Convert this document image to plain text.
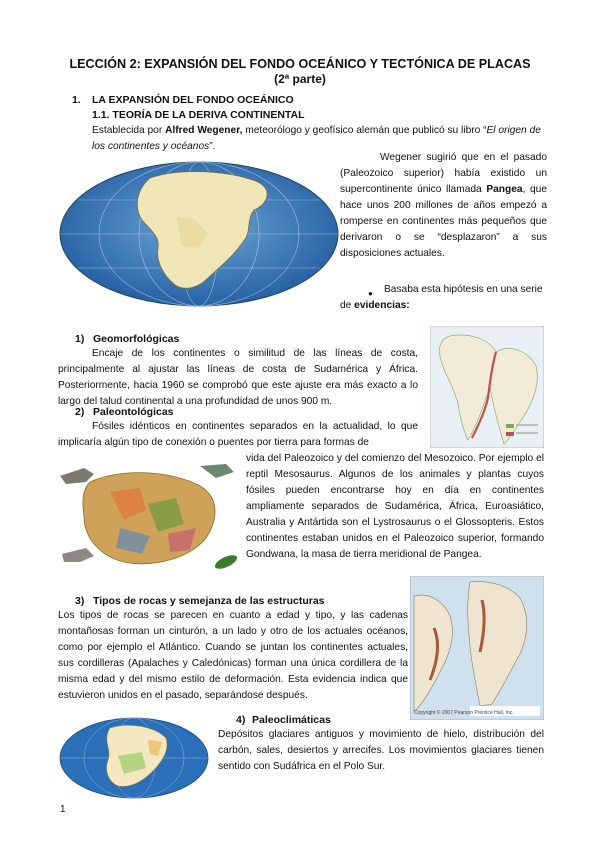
LECCIÓN 2: EXPANSIÓN DEL FONDO OCEÁNICO Y TECTÓNICA DE PLACAS
(2ª parte)
1. LA EXPANSIÓN DEL FONDO OCEÁNICO
1.1. TEORÍA DE LA DERIVA CONTINENTAL
Establecida por Alfred Wegener, meteorólogo y geofísico alemán que publicó su libro “El origen de los continentes y océanos”.
Wegener sugirió que en el pasado (Paleozoico superior) había existido un supercontinente único llamada Pangea, que hace unos 200 millones de años empezó a romperse en continentes más pequeños que derivaron o se “desplazaron” a sus disposiciones actuales.
●	Basaba esta hipótesis en una serie de evidencias:
1) Geomorfológicas
Encaje de los continentes o similitud de las líneas de costa, principalmente al ajustar las líneas de costa de Sudamérica y África. Posteriormente, hacia 1960 se comprobó que este ajuste era más exacto a lo largo del talud continental a una profundidad de unos 900 m.
2) Paleontológicas
Fósiles idénticos en continentes separados en la actualidad, lo que implicaría algún tipo de conexión o puentes por tierra para formas de
vida del Paleozoico y del comienzo del Mesozoico. Por ejemplo el reptil Mesosaurus. Algunos de los animales y plantas cuyos fósiles pueden encontrarse hoy en día en continentes ampliamente separados de Sudamérica, África, Euroasiático, Australia y Antártida son el Lystrosaurus o el Glossopteris. Estos continentes estaban unidos en el Paleozoico superior, formando Gondwana, la masa de tierra meridional de Pangea.
3) Tipos de rocas y semejanza de las estructuras
Los tipos de rocas se parecen en cuanto a edad y tipo, y las cadenas montañosas forman un cinturón, a un lado y otro de los actuales océanos, como por ejemplo el Atlántico. Cuando se juntan los continentes actuales, sus cordilleras (Apalaches y Caledónicas) forman una única cordillera de la misma edad y del mismo estilo de deformación. Esta evidencia indica que estuvieron unidos en el pasado, separándose después.
Copyright © 2007 Pearson Prentice Hall, Inc.
4) Paleoclimáticas
Depósitos glaciares antiguos y movimiento de hielo, distribución del carbón, sales, desiertos y arrecifes. Los movimientos glaciares tienen sentido con Sudáfrica en el Polo Sur.
1
